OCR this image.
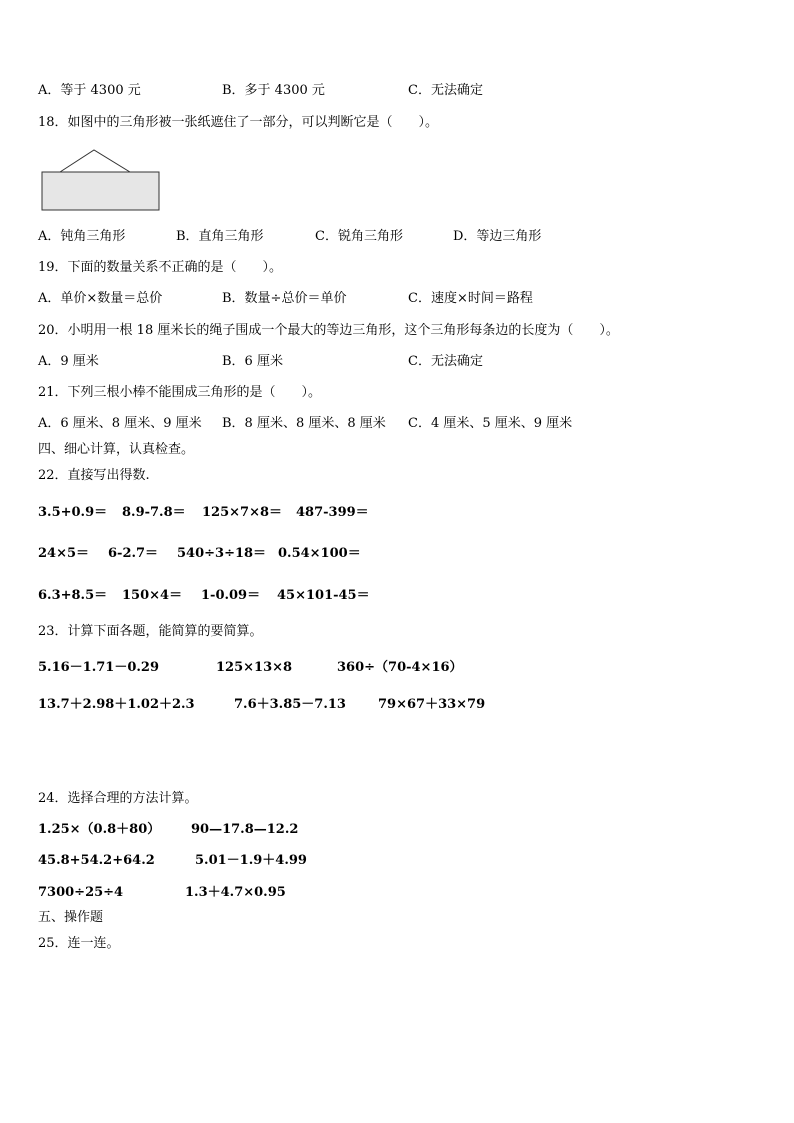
A．等于 4300 元	B．多于 4300 元	C．无法确定
18．如图中的三角形被一张纸遮住了一部分，可以判断它是（　　）。
A．钝角三角形	B．直角三角形	C．锐角三角形	D．等边三角形
19．下面的数量关系不正确的是（　　）。
A．单价×数量＝总价	B．数量÷总价＝单价	C．速度×时间＝路程
20．小明用一根 18 厘米长的绳子围成一个最大的等边三角形，这个三角形每条边的长度为（　　）。
A．9 厘米	B．6 厘米	C．无法确定
21．下列三根小棒不能围成三角形的是（　　）。
A．6 厘米、8 厘米、9 厘米 B．8 厘米、8 厘米、8 厘米 C．4 厘米、5 厘米、9 厘米
四、细心计算，认真检查。
22．直接写出得数.
3.5+0.9＝ 8.9-7.8＝ 125×7×8＝ 487-399＝
24×5＝ 6-2.7＝ 540÷3÷18＝ 0.54×100＝
6.3+8.5＝ 150×4＝ 1-0.09＝ 45×101-45＝
23．计算下面各题，能简算的要简算。
5.16－1.71－0.29	125×13×8	360÷（70-4×16）
13.7＋2.98＋1.02＋2.3	7.6＋3.85－7.13 79×67＋33×79
24．选择合理的方法计算。
1.25×（0.8＋80） 90—17.8—12.2
45.8+54.2+64.2	5.01－1.9＋4.99
7300÷25÷4	1.3＋4.7×0.95
五、操作题
25．连一连。
